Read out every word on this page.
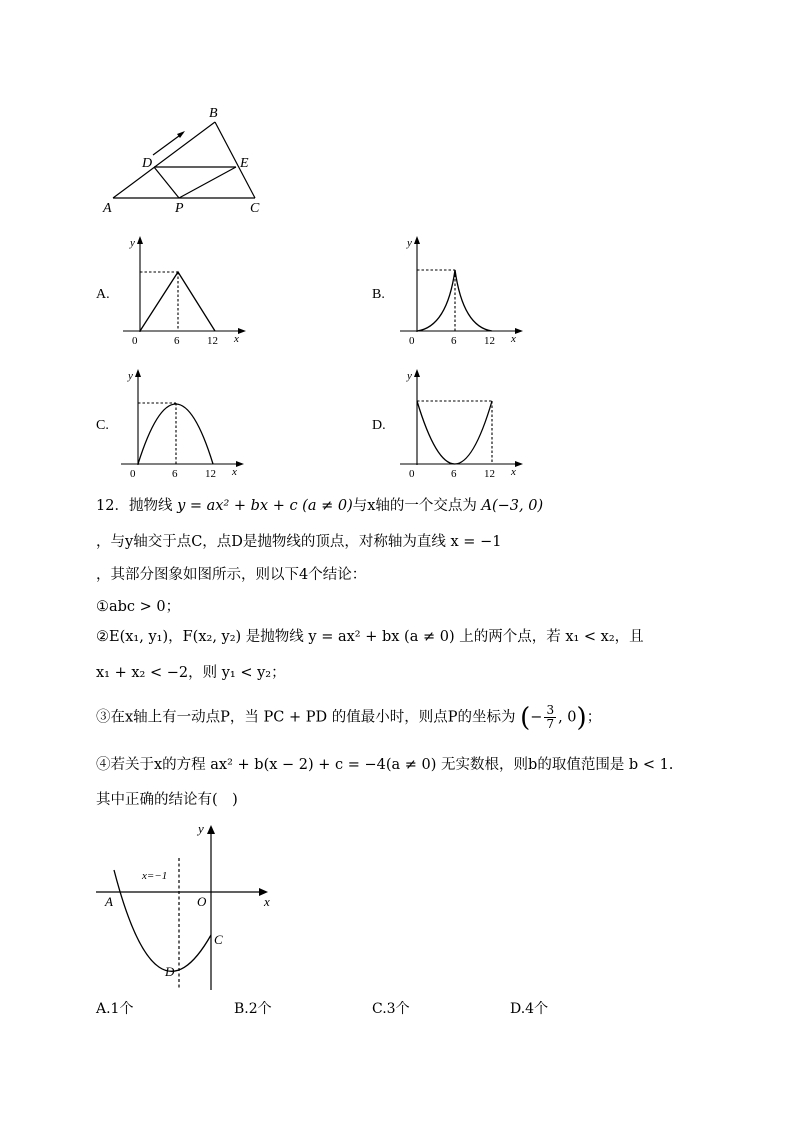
A
B
C
D	E
P
A.
y
x
0	6	12
B.
y
x
0	6	12
C.
y
x
0	6	12
D.
y
x
0	6	12
12．抛物线 y = ax² + bx + c (a ≠ 0)与x轴的一个交点为 A(−3, 0)
，与y轴交于点C，点D是抛物线的顶点，对称轴为直线 x = −1
，其部分图象如图所示，则以下4个结论：
①abc > 0；
②E(x₁, y₁)，F(x₂, y₂) 是抛物线 y = ax² + bx (a ≠ 0) 上的两个点，若 x₁ < x₂，且
x₁ + x₂ < −2，则 y₁ < y₂；
③在x轴上有一动点P，当 PC + PD 的值最小时，则点P的坐标为 (− $\frac{3}{7}$ , 0)；
④若关于x的方程 ax² + b(x − 2) + c = −4(a ≠ 0) 无实数根，则b的取值范围是 b < 1.
其中正确的结论有(　)
y
x
O
A
C
D
x=−1
A.1个	B.2个	C.3个	D.4个
